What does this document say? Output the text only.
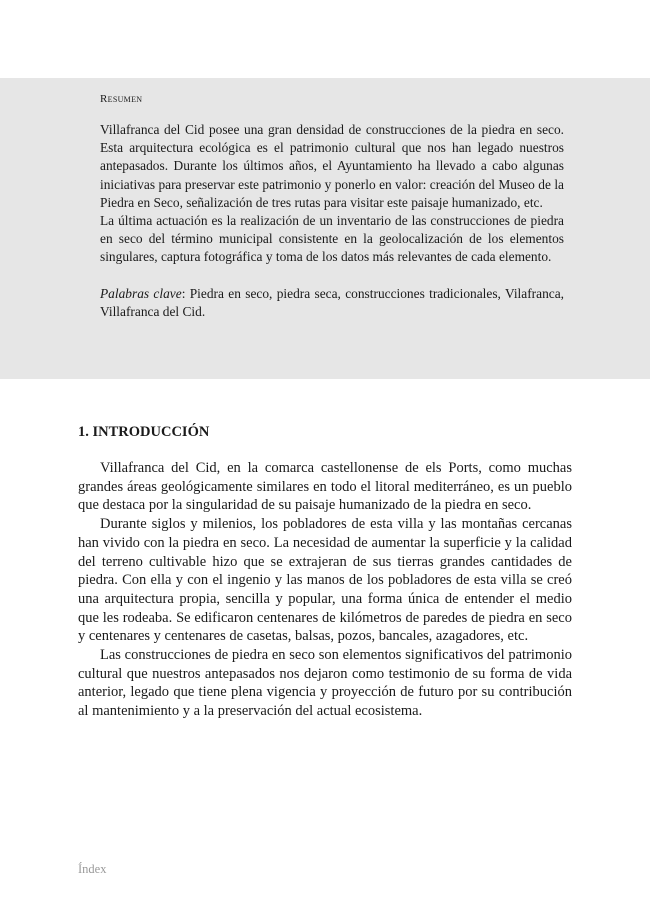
Resumen

Villafranca del Cid posee una gran densidad de construcciones de la piedra en seco. Esta arquitectura ecológica es el patrimonio cultural que nos han legado nuestros antepasados. Durante los últimos años, el Ayuntamiento ha llevado a cabo algunas iniciativas para preservar este patrimonio y ponerlo en valor: creación del Museo de la Piedra en Seco, señalización de tres rutas para visitar este paisaje humanizado, etc.

La última actuación es la realización de un inventario de las construcciones de piedra en seco del término municipal consistente en la geolocalización de los elementos singulares, captura fotográfica y toma de los datos más relevantes de cada elemento.

Palabras clave: Piedra en seco, piedra seca, construcciones tradicionales, Vilafranca, Villafranca del Cid.

1. INTRODUCCIÓN

Villafranca del Cid, en la comarca castellonense de els Ports, como muchas grandes áreas geológicamente similares en todo el litoral mediterráneo, es un pueblo que destaca por la singularidad de su paisaje humanizado de la piedra en seco.

Durante siglos y milenios, los pobladores de esta villa y las montañas cercanas han vivido con la piedra en seco. La necesidad de aumentar la superficie y la calidad del terreno cultivable hizo que se extrajeran de sus tierras grandes cantidades de piedra. Con ella y con el ingenio y las manos de los pobladores de esta villa se creó una arquitectura propia, sencilla y popular, una forma única de entender el medio que les rodeaba. Se edificaron centenares de kilómetros de paredes de piedra en seco y centenares y centenares de casetas, balsas, pozos, bancales, azagadores, etc.

Las construcciones de piedra en seco son elementos significativos del patrimonio cultural que nuestros antepasados nos dejaron como testimonio de su forma de vida anterior, legado que tiene plena vigencia y proyección de futuro por su contribución al mantenimiento y a la preservación del actual ecosistema.

Índex
